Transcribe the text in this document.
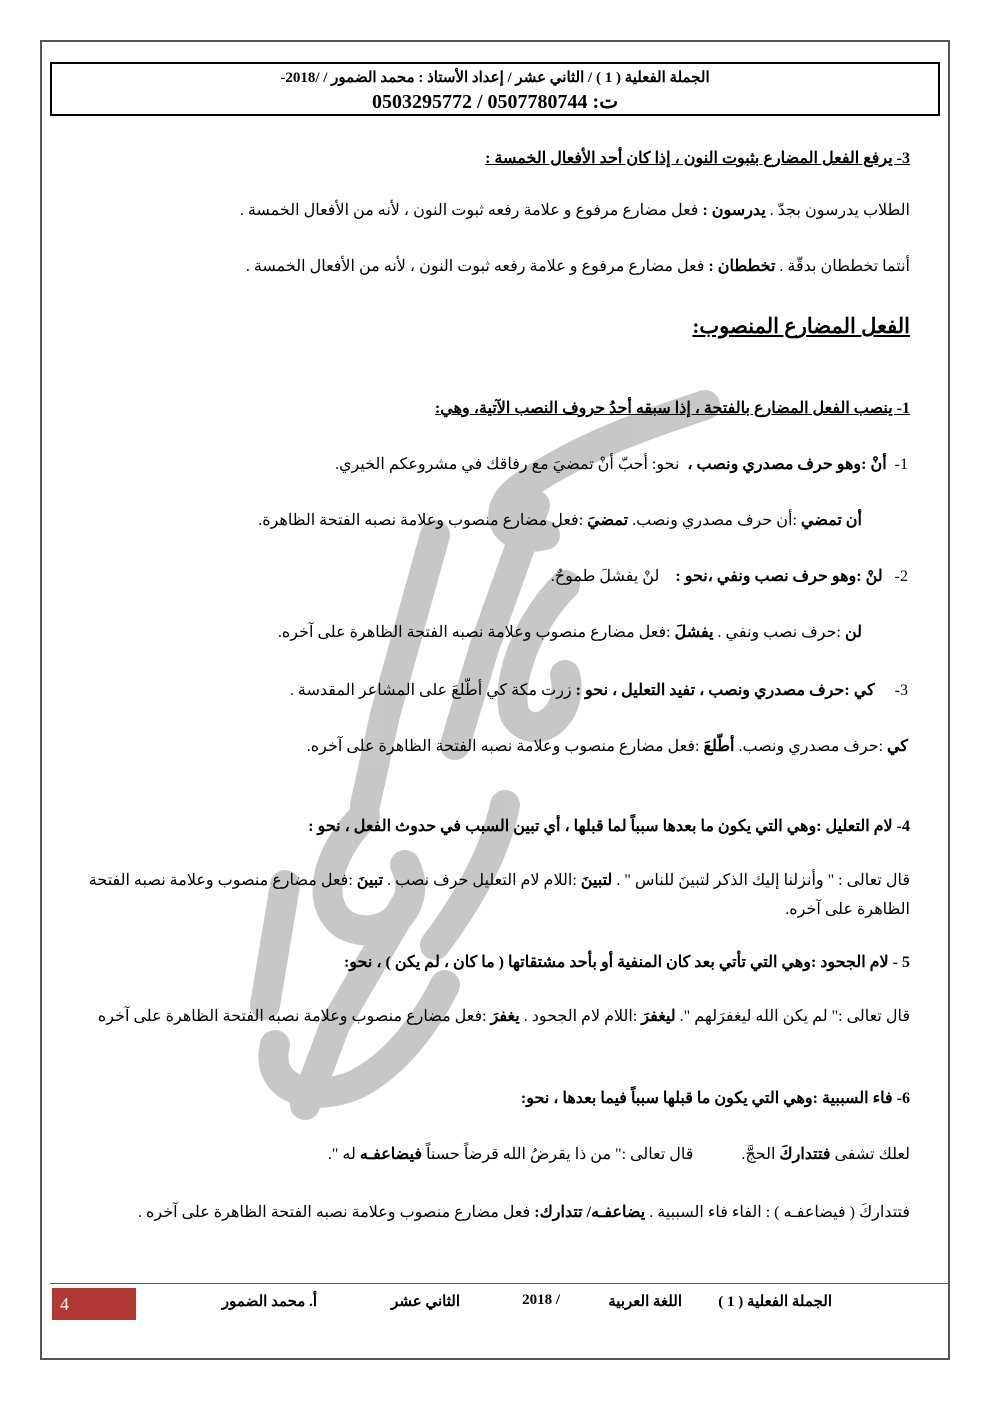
الجملة الفعلية ( 1 ) / الثاني عشر / إعداد الأستاذ : محمد الضمور / /2018-
ت: 0507780744 / 0503295772
3- يرفع الفعل المضارع بثبوت النون ، إذا كان أحد الأفعال الخمسة :
الطلاب يدرسون بجدّ . يدرسون : فعل مضارع مرفوع و علامة رفعه ثبوت النون ، لأنه من الأفعال الخمسة .
أنتما تخططان بدقّة . تخططان : فعل مضارع مرفوع و علامة رفعه ثبوت النون ، لأنه من الأفعال الخمسة .
الفعل المضارع المنصوب:
1- ينصب الفعل المضارع بالفتحة ، إذا سبقه أحدُ حروف النصب الآتية، وهي:
1-  أنْ :وهو حرف مصدري ونصب ،  نحو: أحبّ أنْ تمضيَ مع رفاقك في مشروعكم الخيري.
أن تمضي :أن حرف مصدري ونصب. تمضيَ :فعل مضارع منصوب وعلامة نصبه الفتحة الظاهرة.
2-   لنْ :وهو حرف نصب ونفي ،نحو :    لنْ يفشلَ طموحٌ.
لن :حرف نصب ونفي . يفشلَ :فعل مضارع منصوب وعلامة نصبه الفتحة الظاهرة على آخره.
3-     كي :حرف مصدري ونصب ، تفيد التعليل ، نحو : زرت مكة كي أطّلعَ على المشاعر المقدسة .
كي :حرف مصدري ونصب. أطّلعَ :فعل مضارع منصوب وعلامة نصبه الفتحة الظاهرة على آخره.
4- لام التعليل :وهي التي يكون ما بعدها سبباً لما قبلها ، أي تبين السبب في حدوث الفعل ، نحو :
قال تعالى : " وأنزلنا إليك الذكر لتبينَ للناس " . لتبينَ :اللام لام التعليل حرف نصب . تبينَ :فعل مضارع منصوب وعلامة نصبه الفتحة الظاهرة على آخره.
5 - لام الجحود :وهي التي تأتي بعد كان المنفية أو بأحد مشتقاتها ( ما كان ، لم يكن ) ، نحو:
قال تعالى :" لم يكن الله ليغفرَلهم ". ليغفرَ :اللام لام الجحود . يغفرَ :فعل مضارع منصوب وعلامة نصبه الفتحة الظاهرة على آخره
6- فاء السببية :وهي التي يكون ما قبلها سبباً فيما بعدها ، نحو:
لعلك تشفى فتتداركَ الحجَّ.            قال تعالى :" من ذا يقرضُ الله قرضاً حسناً فيضاعفـه له ".
فتتداركَ ( فيضاعفـه ) : الفاء فاء السببية . يضاعفـه/ تتدارك: فعل مضارع منصوب وعلامة نصبه الفتحة الظاهرة على آخره .
4	الجملة الفعلية ( 1 )
اللغة العربية
/ 2018
الثاني عشر
أ. محمد الضمور
